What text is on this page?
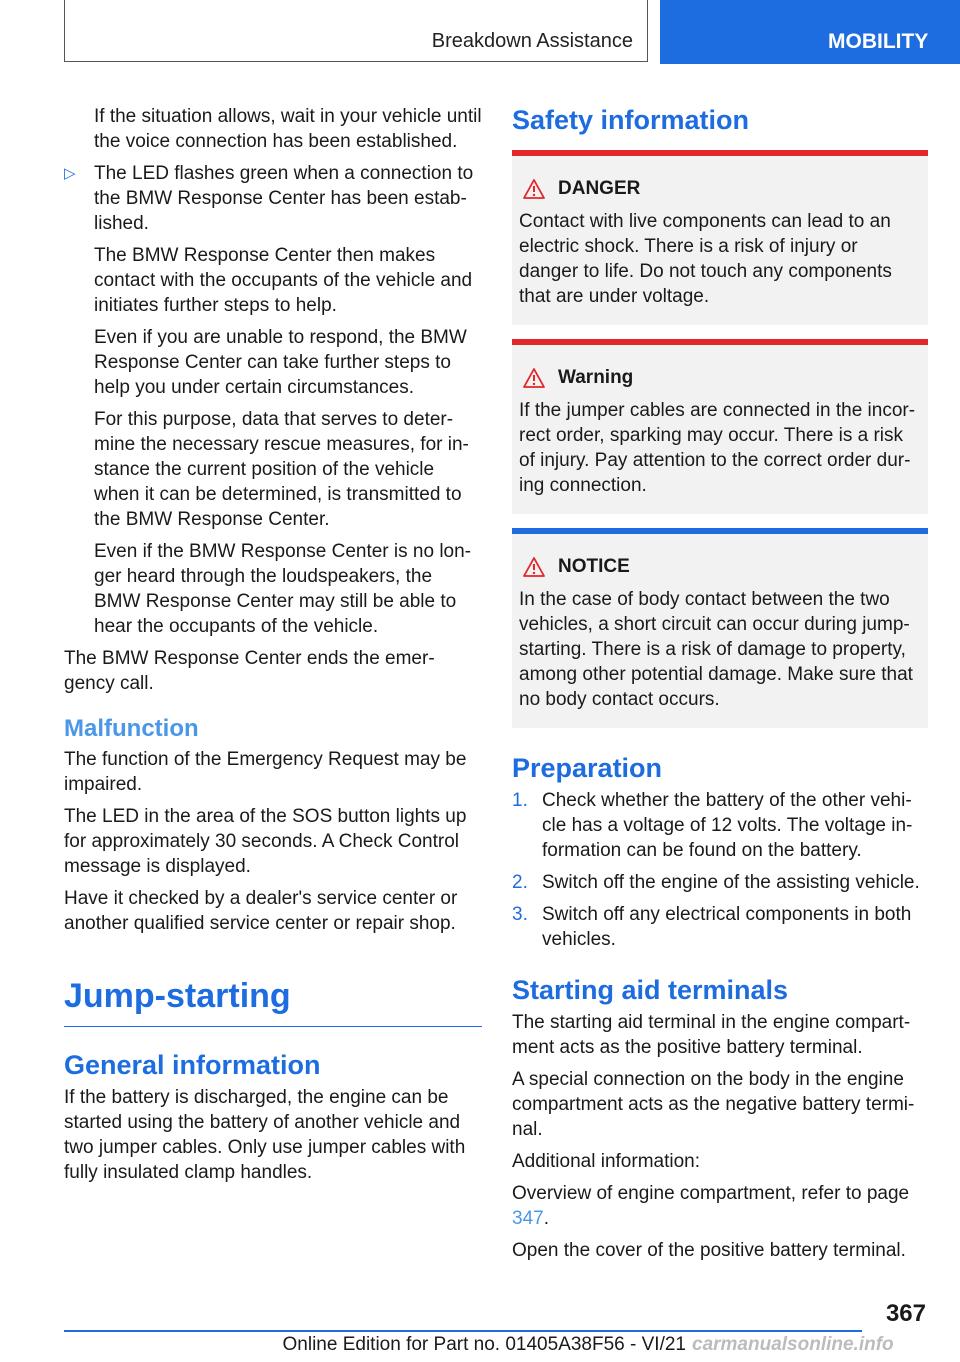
Breakdown Assistance	MOBILITY

If the situation allows, wait in your vehicle until the voice connection has been established.

▷ The LED flashes green when a connection to the BMW Response Center has been estab-lished.

The BMW Response Center then makes contact with the occupants of the vehicle and initiates further steps to help.

Even if you are unable to respond, the BMW Response Center can take further steps to help you under certain circumstances.

For this purpose, data that serves to deter-mine the necessary rescue measures, for in-stance the current position of the vehicle when it can be determined, is transmitted to the BMW Response Center.

Even if the BMW Response Center is no lon-ger heard through the loudspeakers, the BMW Response Center may still be able to hear the occupants of the vehicle.

The BMW Response Center ends the emer-gency call.

Malfunction

The function of the Emergency Request may be impaired.

The LED in the area of the SOS button lights up for approximately 30 seconds. A Check Control message is displayed.

Have it checked by a dealer's service center or another qualified service center or repair shop.

Jump-starting
General information

If the battery is discharged, the engine can be started using the battery of another vehicle and two jumper cables. Only use jumper cables with fully insulated clamp handles.

Safety information
DANGER
Contact with live components can lead to an electric shock. There is a risk of injury or danger to life. Do not touch any components that are under voltage.
Warning
If the jumper cables are connected in the incor-rect order, sparking may occur. There is a risk of injury. Pay attention to the correct order dur-ing connection.
NOTICE
In the case of body contact between the two vehicles, a short circuit can occur during jump-starting. There is a risk of damage to property, among other potential damage. Make sure that no body contact occurs.
Preparation
1. Check whether the battery of the other vehi-cle has a voltage of 12 volts. The voltage in-formation can be found on the battery.
2. Switch off the engine of the assisting vehicle.
3. Switch off any electrical components in both vehicles.
Starting aid terminals

The starting aid terminal in the engine compart-ment acts as the positive battery terminal.

A special connection on the body in the engine compartment acts as the negative battery termi-nal.

Additional information:

Overview of engine compartment, refer to page 347.

Open the cover of the positive battery terminal.

367
Online Edition for Part no. 01405A38F56 - VI/21 carmanualsonline.info
